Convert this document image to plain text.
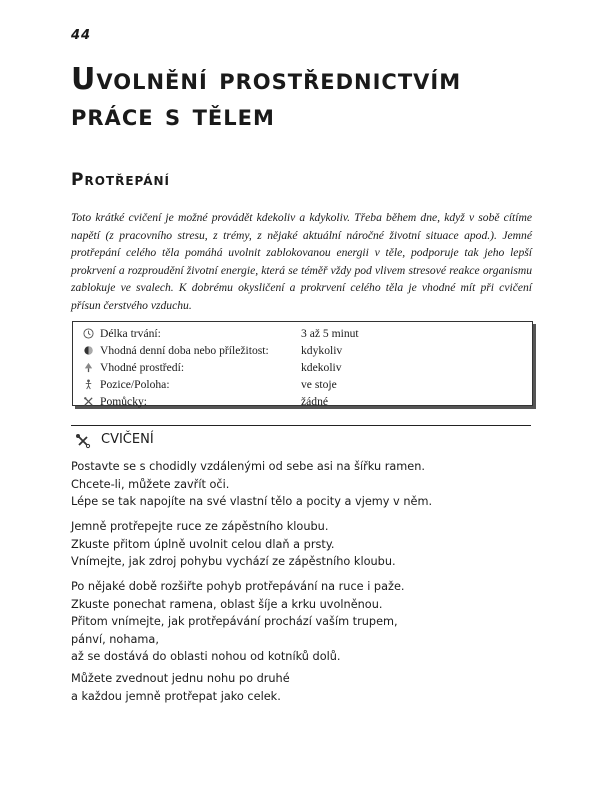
44
Uvolnění prostřednictvím
práce s tělem
Protřepání

Toto krátké cvičení je možné provádět kdekoliv a kdykoliv. Třeba během dne, když v sobě cítíme napětí (z pracovního stresu, z trémy, z nějaké aktuální náročné životní situace apod.). Jemné protřepání celého těla pomáhá uvolnit zablokovanou energii v těle, podporuje tak jeho lepší prokrvení a rozproudění životní energie, která se téměř vždy pod vlivem stresové reakce organismu zablokuje ve svalech. K dobrému okysličení a prokrvení celého těla je vhodné mít při cvičení přísun čerstvého vzduchu.

Délka trvání:	3 až 5 minut
Vhodná denní doba nebo příležitost:	kdykoliv
Vhodné prostředí:	kdekoliv
Pozice/Poloha:	ve stoje
Pomůcky:	žádné
CVIČENÍ

Postavte se s chodidly vzdálenými od sebe asi na šířku ramen.
Chcete-li, můžete zavřít oči.
Lépe se tak napojíte na své vlastní tělo a pocity a vjemy v něm.

Jemně protřepejte ruce ze zápěstního kloubu.
Zkuste přitom úplně uvolnit celou dlaň a prsty.
Vnímejte, jak zdroj pohybu vychází ze zápěstního kloubu.

Po nějaké době rozšiřte pohyb protřepávání na ruce i paže.
Zkuste ponechat ramena, oblast šíje a krku uvolněnou.
Přitom vnímejte, jak protřepávání prochází vaším trupem,
pánví, nohama,
až se dostává do oblasti nohou od kotníků dolů.

Můžete zvednout jednu nohu po druhé
a každou jemně protřepat jako celek.
